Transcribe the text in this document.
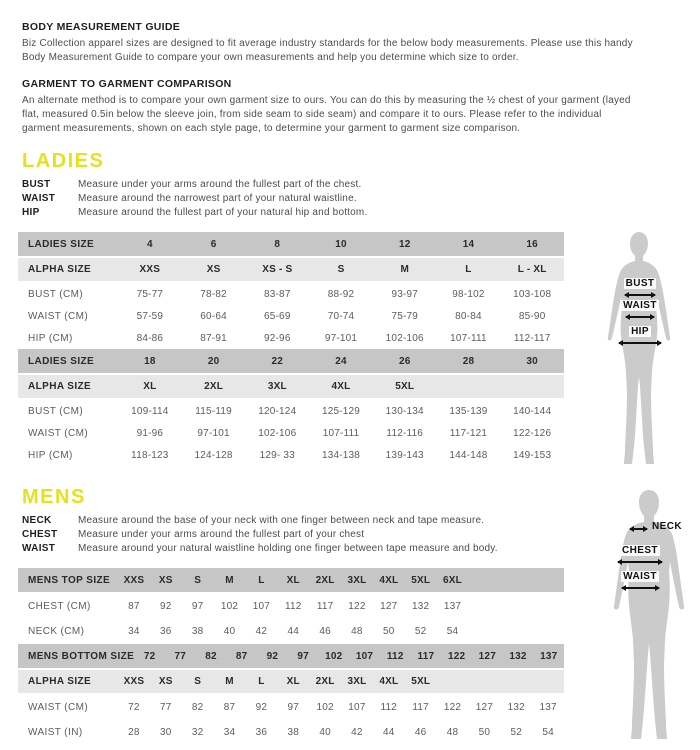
BODY MEASUREMENT GUIDE

Biz Collection apparel sizes are designed to fit average industry standards for the below body measurements. Please use this handy Body Measurement Guide to compare your own measurements and help you determine which size to order.

GARMENT TO GARMENT COMPARISON

An alternate method is to compare your own garment size to ours. You can do this by measuring the ½ chest of your garment (layed flat, measured 0.5in below the sleeve join, from side seam to side seam) and compare it to ours. Please refer to the individual garment measurements, shown on each style page, to determine your garment to garment size comparison.

LADIES
BUST	Measure under your arms around the fullest part of the chest.
WAIST	Measure around the narrowest part of your natural waistline.
HIP	Measure around the fullest part of your natural hip and bottom.
LADIES SIZE	4	6	8	10	12	14	16
ALPHA SIZE	XXS	XS	XS - S	S	M	L	L - XL
BUST (CM)	75-77	78-82	83-87	88-92	93-97	98-102	103-108
WAIST (CM)	57-59	60-64	65-69	70-74	75-79	80-84	85-90
HIP (CM)	84-86	87-91	92-96	97-101	102-106	107-111	112-117
LADIES SIZE	18	20	22	24	26	28	30
ALPHA SIZE	XL	2XL	3XL	4XL	5XL
BUST (CM)	109-114	115-119	120-124	125-129	130-134	135-139	140-144
WAIST (CM)	91-96	97-101	102-106	107-111	112-116	117-121	122-126
HIP (CM)	118-123	124-128	129- 33	134-138	139-143	144-148	149-153
MENS
NECK	Measure around the base of your neck with one finger between neck and tape measure.
CHEST	Measure under your arms around the fullest part of your chest
WAIST	Measure around your natural waistline holding one finger between tape measure and body.
MENS TOP SIZE	XXS	XS	S	M	L	XL	2XL	3XL	4XL	5XL	6XL
CHEST (CM)	87	92	97	102	107	112	117	122	127	132	137
NECK (CM)	34	36	38	40	42	44	46	48	50	52	54
MENS BOTTOM SIZE 72	77	82	87	92	97	102	107	112	117	122	127	132	137
ALPHA SIZE	XXS	XS	S	M	L	XL	2XL	3XL	4XL	5XL
WAIST (CM)	72	77	82	87	92	97	102	107	112	117	122	127	132	137
WAIST (IN)	28	30	32	34	36	38	40	42	44	46	48	50	52	54
BUST
WAIST
HIP
NECK
CHEST
WAIST
